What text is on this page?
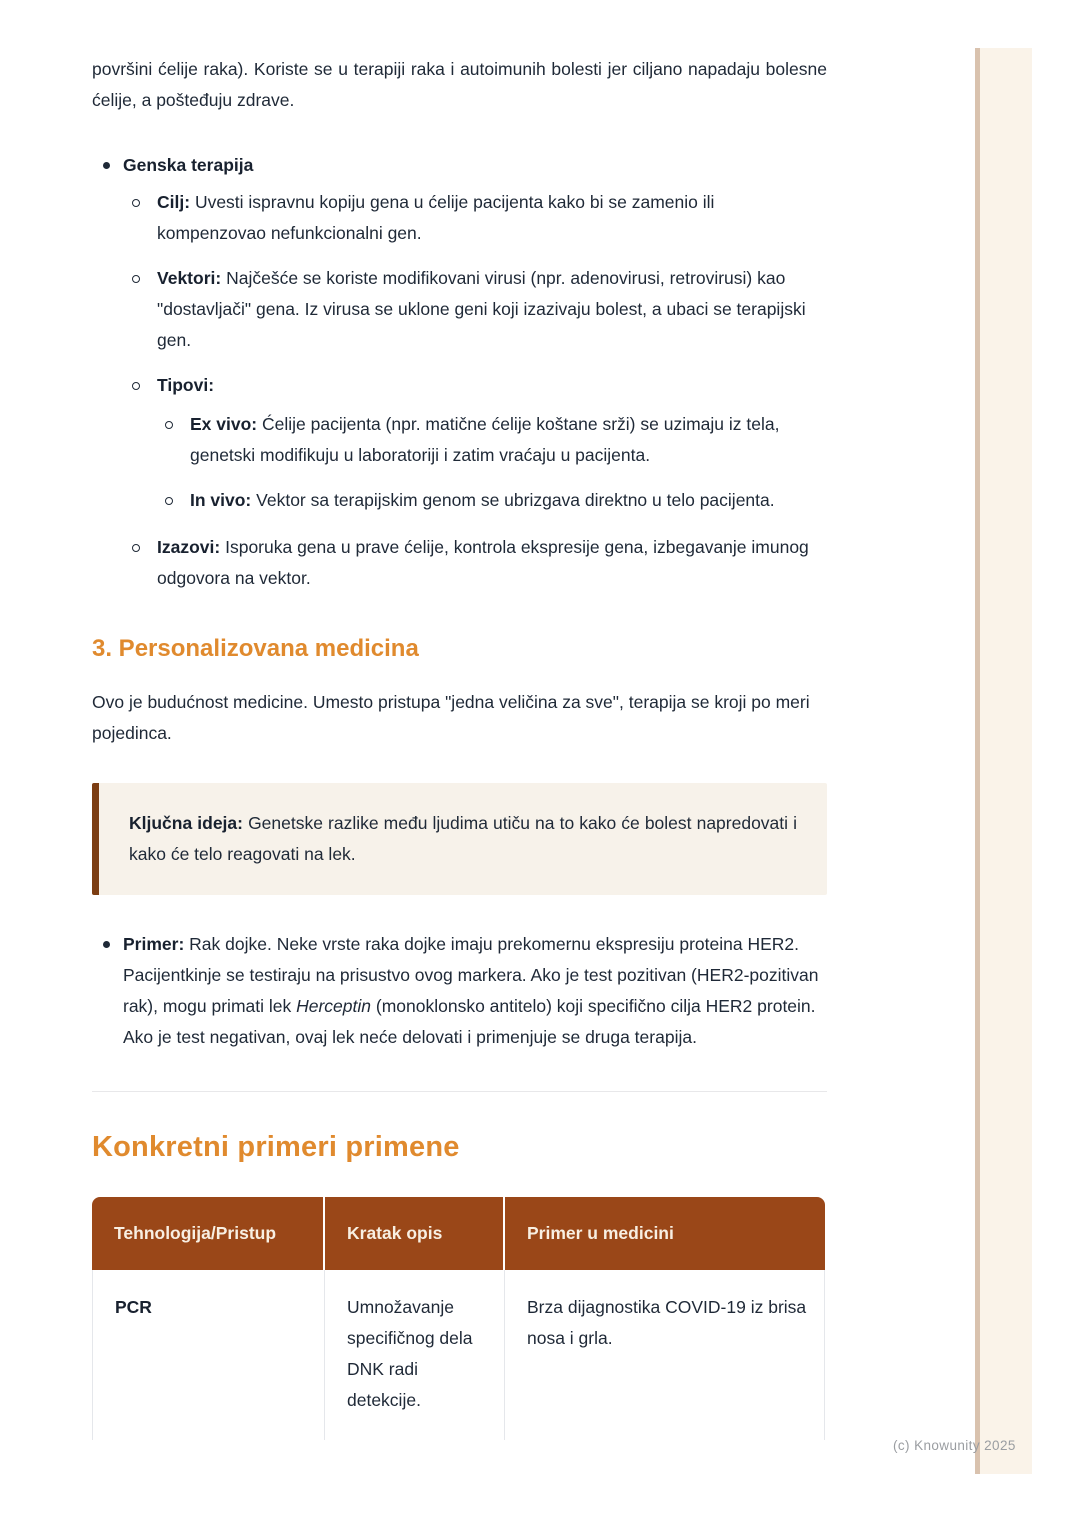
površini ćelije raka). Koriste se u terapiji raka i autoimunih bolesti jer ciljano napadaju bolesne ćelije, a pošteđuju zdrave.

Genska terapija
Cilj: Uvesti ispravnu kopiju gena u ćelije pacijenta kako bi se zamenio ili kompenzovao nefunkcionalni gen.
Vektori: Najčešće se koriste modifikovani virusi (npr. adenovirusi, retrovirusi) kao "dostavljači" gena. Iz virusa se uklone geni koji izazivaju bolest, a ubaci se terapijski gen.
Tipovi:
Ex vivo: Ćelije pacijenta (npr. matične ćelije koštane srži) se uzimaju iz tela, genetski modifikuju u laboratoriji i zatim vraćaju u pacijenta.
In vivo: Vektor sa terapijskim genom se ubrizgava direktno u telo pacijenta.
Izazovi: Isporuka gena u prave ćelije, kontrola ekspresije gena, izbegavanje imunog odgovora na vektor.
3. Personalizovana medicina

Ovo je budućnost medicine. Umesto pristupa "jedna veličina za sve", terapija se kroji po meri pojedinca.

Ključna ideja: Genetske razlike među ljudima utiču na to kako će bolest napredovati i kako će telo reagovati na lek.
Primer: Rak dojke. Neke vrste raka dojke imaju prekomernu ekspresiju proteina HER2. Pacijentkinje se testiraju na prisustvo ovog markera. Ako je test pozitivan (HER2-pozitivan rak), mogu primati lek Herceptin (monoklonsko antitelo) koji specifično cilja HER2 protein. Ako je test negativan, ovaj lek neće delovati i primenjuje se druga terapija.
Konkretni primeri primene
Tehnologija/Pristup	Kratak opis	Primer u medicini
PCR	Umnožavanje specifičnog dela DNK radi detekcije.	Brza dijagnostika COVID-19 iz brisa nosa i grla.
(c) Knowunity 2025
